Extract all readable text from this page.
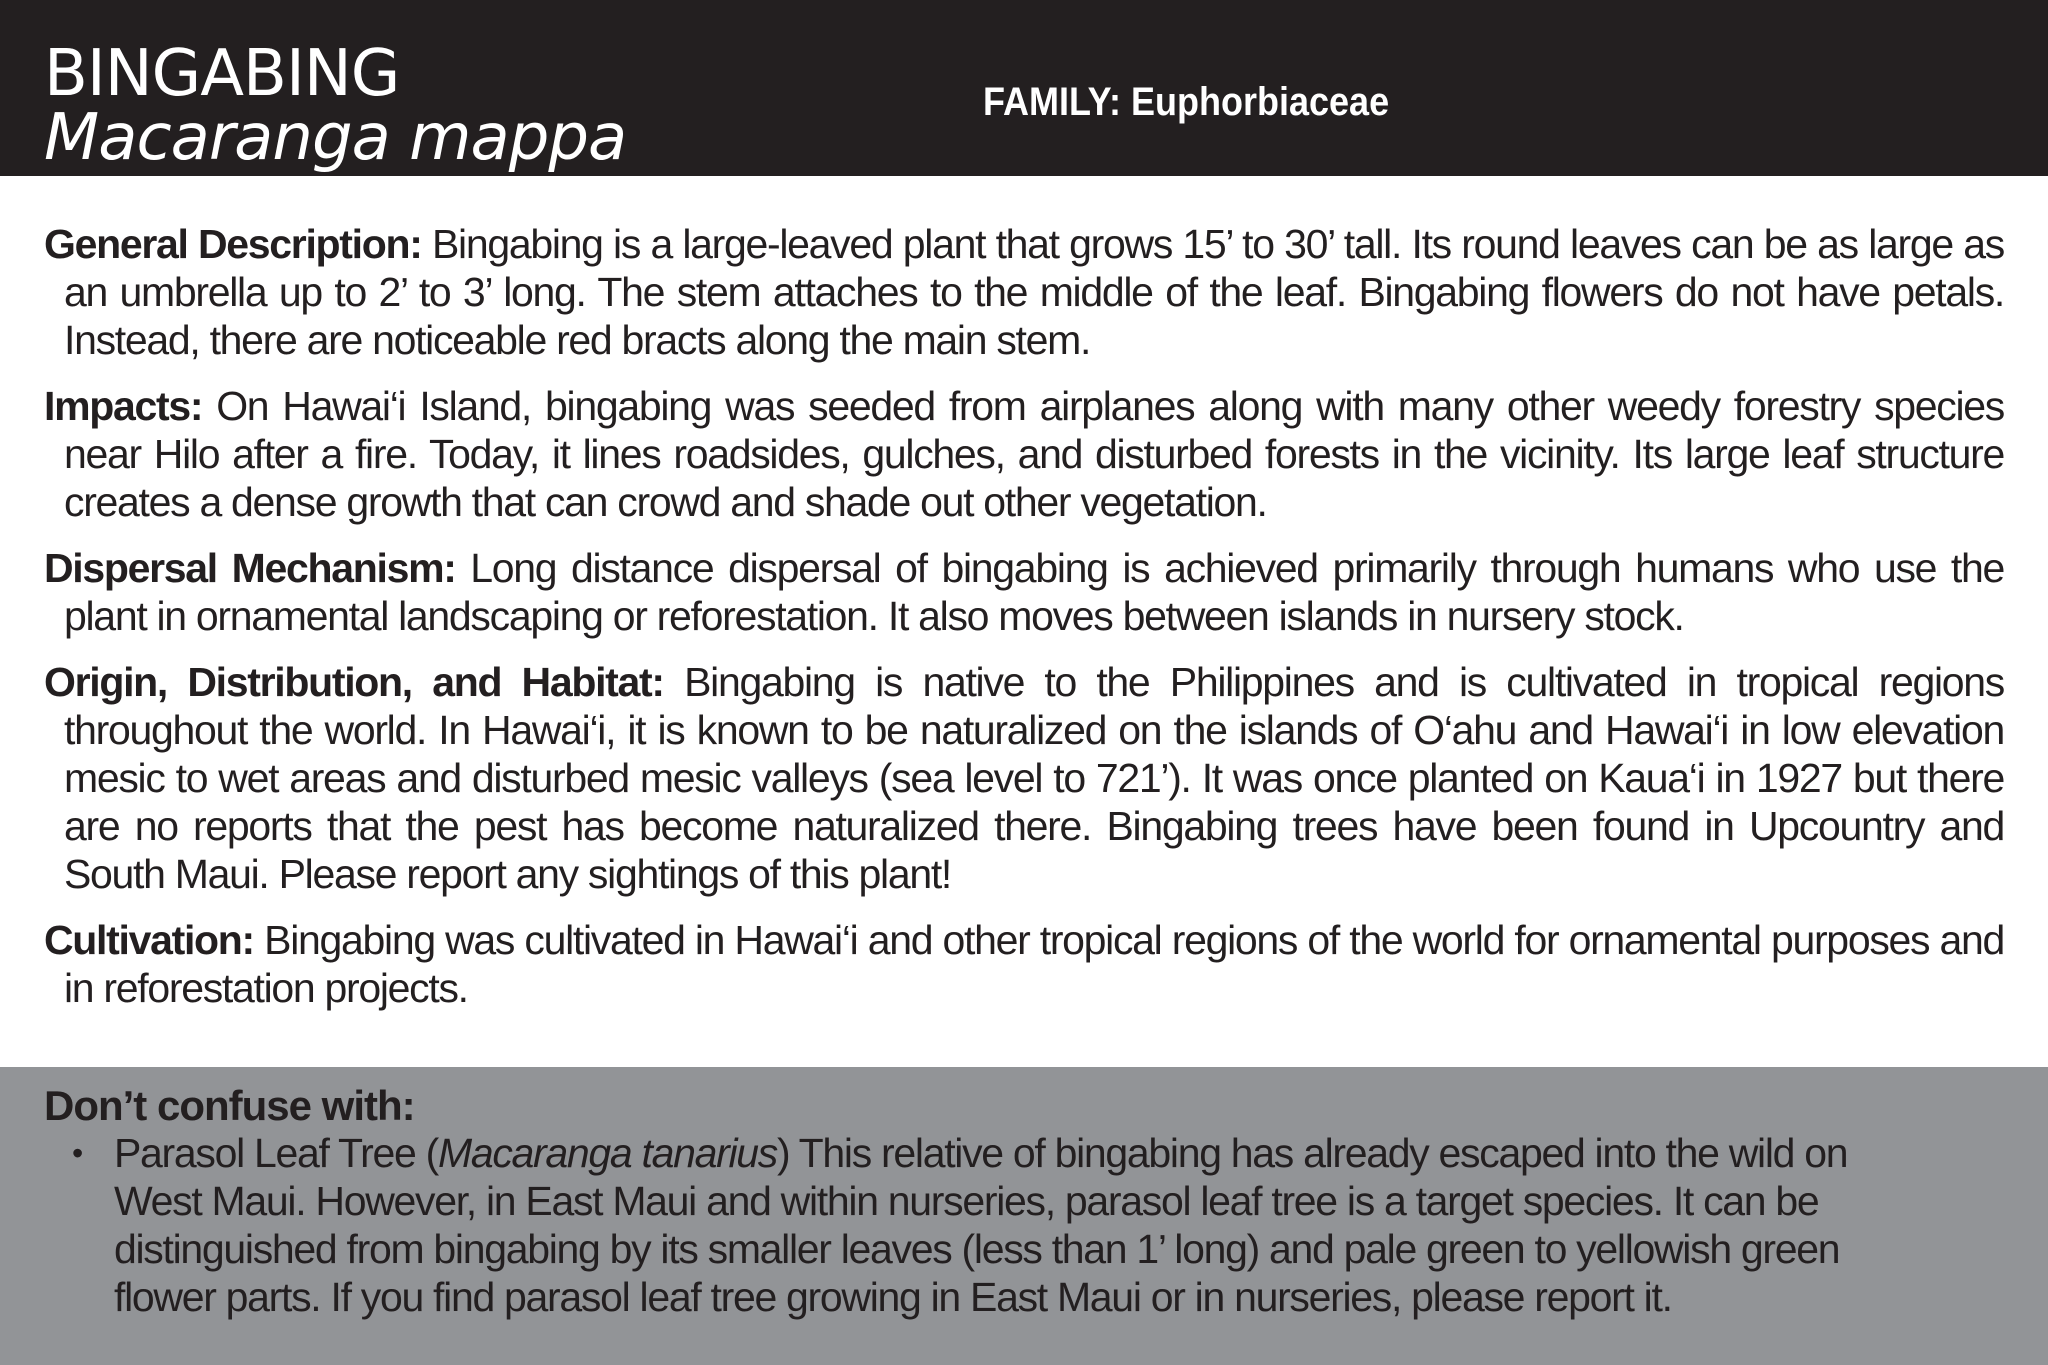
BINGABING
Macaranga mappa	FAMILY: Euphorbiaceae

General Description: Bingabing is a large-leaved plant that grows 15’ to 30’ tall. Its round leaves can be as large as an umbrella up to 2’ to 3’ long. The stem attaches to the middle of the leaf. Bingabing flowers do not have petals. Instead, there are noticeable red bracts along the main stem.

Impacts: On Hawai‘i Island, bingabing was seeded from airplanes along with many other weedy forestry species near Hilo after a fire. Today, it lines roadsides, gulches, and disturbed forests in the vicinity. Its large leaf structure creates a dense growth that can crowd and shade out other vegetation.

Dispersal Mechanism: Long distance dispersal of bingabing is achieved primarily through humans who use the plant in ornamental landscaping or reforestation. It also moves between islands in nursery stock.

Origin, Distribution, and Habitat: Bingabing is native to the Philippines and is cultivated in tropical regions throughout the world. In Hawai‘i, it is known to be naturalized on the islands of O‘ahu and Hawai‘i in low elevation mesic to wet areas and disturbed mesic valleys (sea level to 721’). It was once planted on Kaua‘i in 1927 but there are no reports that the pest has become naturalized there. Bingabing trees have been found in Upcountry and South Maui. Please report any sightings of this plant!

Cultivation: Bingabing was cultivated in Hawai‘i and other tropical regions of the world for ornamental purposes and in reforestation projects.

Don’t confuse with:
• Parasol Leaf Tree (Macaranga tanarius) This relative of bingabing has already escaped into the wild on West Maui. However, in East Maui and within nurseries, parasol leaf tree is a target species. It can be distinguished from bingabing by its smaller leaves (less than 1’ long) and pale green to yellowish green flower parts. If you find parasol leaf tree growing in East Maui or in nurseries, please report it.
